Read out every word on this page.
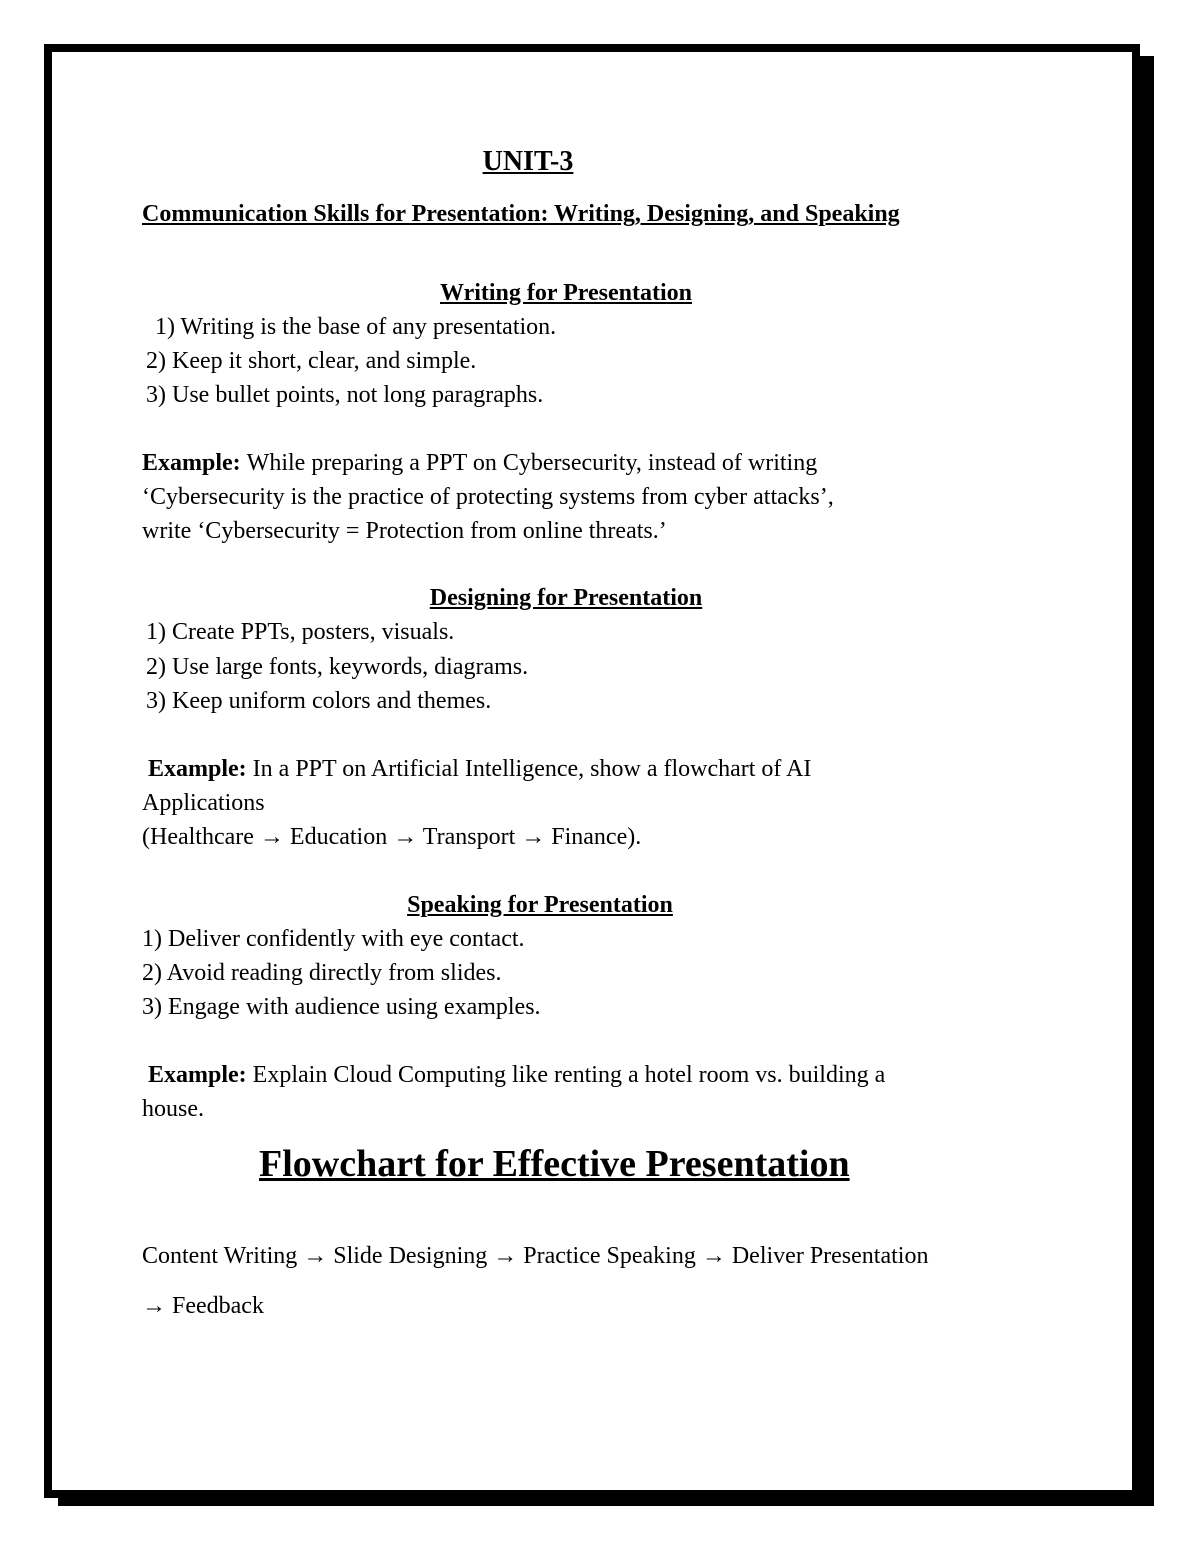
UNIT-3
Communication Skills for Presentation: Writing, Designing, and Speaking
Writing for Presentation
1) Writing is the base of any presentation.
2) Keep it short, clear, and simple.
3) Use bullet points, not long paragraphs.
Example: While preparing a PPT on Cybersecurity, instead of writing
‘Cybersecurity is the practice of protecting systems from cyber attacks’,
write ‘Cybersecurity = Protection from online threats.’
Designing for Presentation
1) Create PPTs, posters, visuals.
2) Use large fonts, keywords, diagrams.
3) Keep uniform colors and themes.
Example: In a PPT on Artificial Intelligence, show a flowchart of AI
Applications
(Healthcare → Education → Transport → Finance).
Speaking for Presentation
1) Deliver confidently with eye contact.
2) Avoid reading directly from slides.
3) Engage with audience using examples.
Example: Explain Cloud Computing like renting a hotel room vs. building a
house.
Flowchart for Effective Presentation
Content Writing → Slide Designing → Practice Speaking → Deliver Presentation
→ Feedback
